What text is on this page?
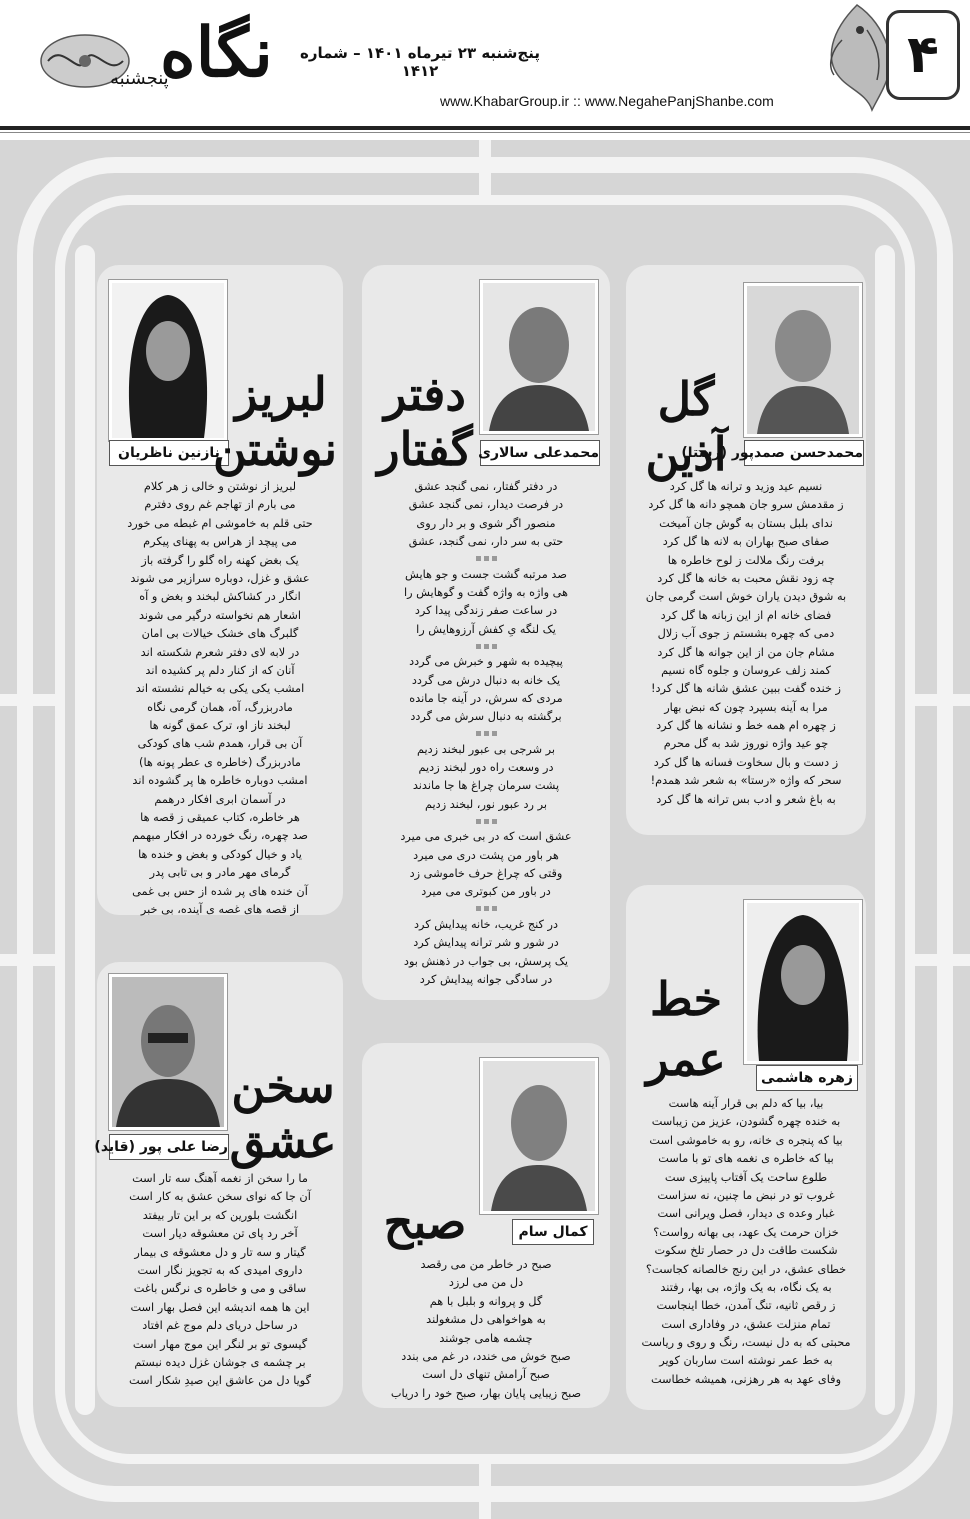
۴
پنج‌شنبه ۲۳ تیرماه ۱۴۰۱ – شماره ۱۴۱۲
www.KhabarGroup.ir :: www.NegahePanjShanbe.com
نگاه
پنجشنبه
محمدحسن صمدپور (رستا)
گل
آذین
نسیم عید وزید و ترانه ها گل کرد
ز مقدمش سرو جان همچو دانه ها گل کرد
ندای بلبل بستان به گوش جان آمیخت
صفای صبح بهاران به لانه ها گل کرد
برفت رنگ ملالت ز لوح خاطره ها
چه زود نقش محبت به خانه ها گل کرد
به شوق دیدن یاران خوش است گرمی جان
فضای خانه ام از این زبانه ها گل کرد
دمی که چهره بشستم ز جوی آب زلال
مشام جان من از این جوانه ها گل کرد
کمند زلف عروسان و جلوه گاه نسیم
ز خنده گفت ببین عشق شانه ها گل کرد!
مرا به آینه بسپرد چون که نبض بهار
ز چهره ام همه خط و نشانه ها گل کرد
چو عید واژه نوروز شد به گل محرم
ز دست و بال سخاوت فسانه ها گل کرد
سحر که واژه «رستا» به شعر شد همدم!
به باغ شعر و ادب بس ترانه ها گل کرد
محمدعلی سالاری
دفتر
گفتار
در دفتر گفتار، نمی گنجد عشق
در فرصت دیدار، نمی گنجد عشق
منصور اگر شوی و بر دار روی
حتی به سر دار، نمی گنجد، عشق
صد مرتبه گشت جست و جو هایش
هی واژه به واژه گفت و گوهایش را
در ساعت صفر زندگی پیدا کرد
یک لنگه یِ کفش آرزوهایش را
پیچیده به شهر و خبرش می گردد
یک خانه به دنبال درش می گردد
مردی که سرش، در آینه جا مانده
برگشته به دنبال سرش می گردد
بر شرجی بی عبور لبخند زدیم
در وسعت راه دور لبخند زدیم
پشت سرمان چراغ ها جا ماندند
بر رد عبور نور، لبخند زدیم
عشق است که در بی خبری می میرد
هر باور من پشت دری می میرد
وقتی که چراغ حرف خاموشی زد
در باور من کبوتری می میرد
در کنج غریب، خانه پیدایش کرد
در شور و شر ترانه پیدایش کرد
یک پرسش، بی جواب در ذهنش بود
در سادگی جوانه پیدایش کرد
نازنین ناظریان
لبریز
نوشتن
لبریز از نوشتن و خالی ز هر کلام
می بارم از تهاجم غم روی دفترم
حتی قلم به خاموشی ام غبطه می خورد
می پیچد از هراس به پهنای پیکرم
یک بغض کهنه راه گلو را گرفته باز
عشق و غزل، دوباره سرازیر می شوند
انگار در کشاکش لبخند و بغض و آه
اشعار هم نخواسته درگیر می شوند
گلبرگ های خشک خیالات بی امان
در لابه لای دفتر شعرم شکسته اند
آنان که از کنار دلم پر کشیده اند
امشب یکی یکی به خیالم نشسته اند
مادربزرگ، آه، همان گرمی نگاه
لبخند ناز او، ترک عمق گونه ها
آن بی قرار، همدم شب های کودکی
مادربزرگ (خاطره ی عطر پونه ها)
امشب دوباره خاطره ها پر گشوده اند
در آسمان ابری افکار درهمم
هر خاطره، کتاب عمیقی ز قصه ها
صد چهره، رنگ خورده در افکار مبهمم
یاد و خیال کودکی و بغض و خنده ها
گرمای مهر مادر و بی تابی پدر
آن خنده های پر شده از حس بی غمی
از قصه های غصه ی آینده، بی خبر
زهره هاشمی
خط
عمر
بیا، بیا که دلم بی قرار آینه هاست
به خنده چهره گشودن، عزیز من زیباست
بیا که پنجره ی خانه، رو به خاموشی است
بیا که خاطره ی نغمه های تو با ماست
طلوع ساحت یک آفتاب پاییزی ست
غروب تو در نبض ما چنین، نه سزاست
غبار وعده ی دیدار، فصل ویرانی است
خزان حرمت یک عهد، بی بهانه رواست؟
شکست طاقت دل در حصار تلخ سکوت
خطای عشق، در این رنج خالصانه کجاست؟
به یک نگاه، به یک واژه، بی بها، رفتند
ز رقص ثانیه، تنگ آمدن، خطا اینجاست
تمام منزلت عشق، در وفاداری است
محبتی که به دل نیست، رنگ و روی و ریاست
به خط عمر نوشته است ساربان کویر
وفای عهد به هر رهزنی، همیشه خطاست
کمال سام
صبح
صبح در خاطر من می رقصد
دل من می لرزد
گل و پروانه و بلبل با هم
به هواخواهی دل مشغولند
چشمه هامی جوشند
صبح خوش می خندد، در غم می بندد
صبح آرامش تنهای دل است
صبح زیبایی پایان بهار، صبح خود را دریاب
رضا علی پور (قاید)
سخن
عشق
ما را سخن از نغمه آهنگ سه تار است
آن جا که نوای سخن عشق به کار است
انگشت بلورین که بر این تار بیفتد
آخر رد پای تن معشوقه دیار است
گیتار و سه تار و دل معشوقه ی بیمار
داروی امیدی که به تجویز نگار است
ساقی و می و خاطره ی نرگس باغت
این ها همه اندیشه این فصل بهار است
در ساحل دریای دلم موج غم افتاد
گیسوی تو بر لنگر این موج مهار است
بر چشمه ی جوشان غزل دیده نبستم
گویا دل من عاشق این صیدِ شکار است
